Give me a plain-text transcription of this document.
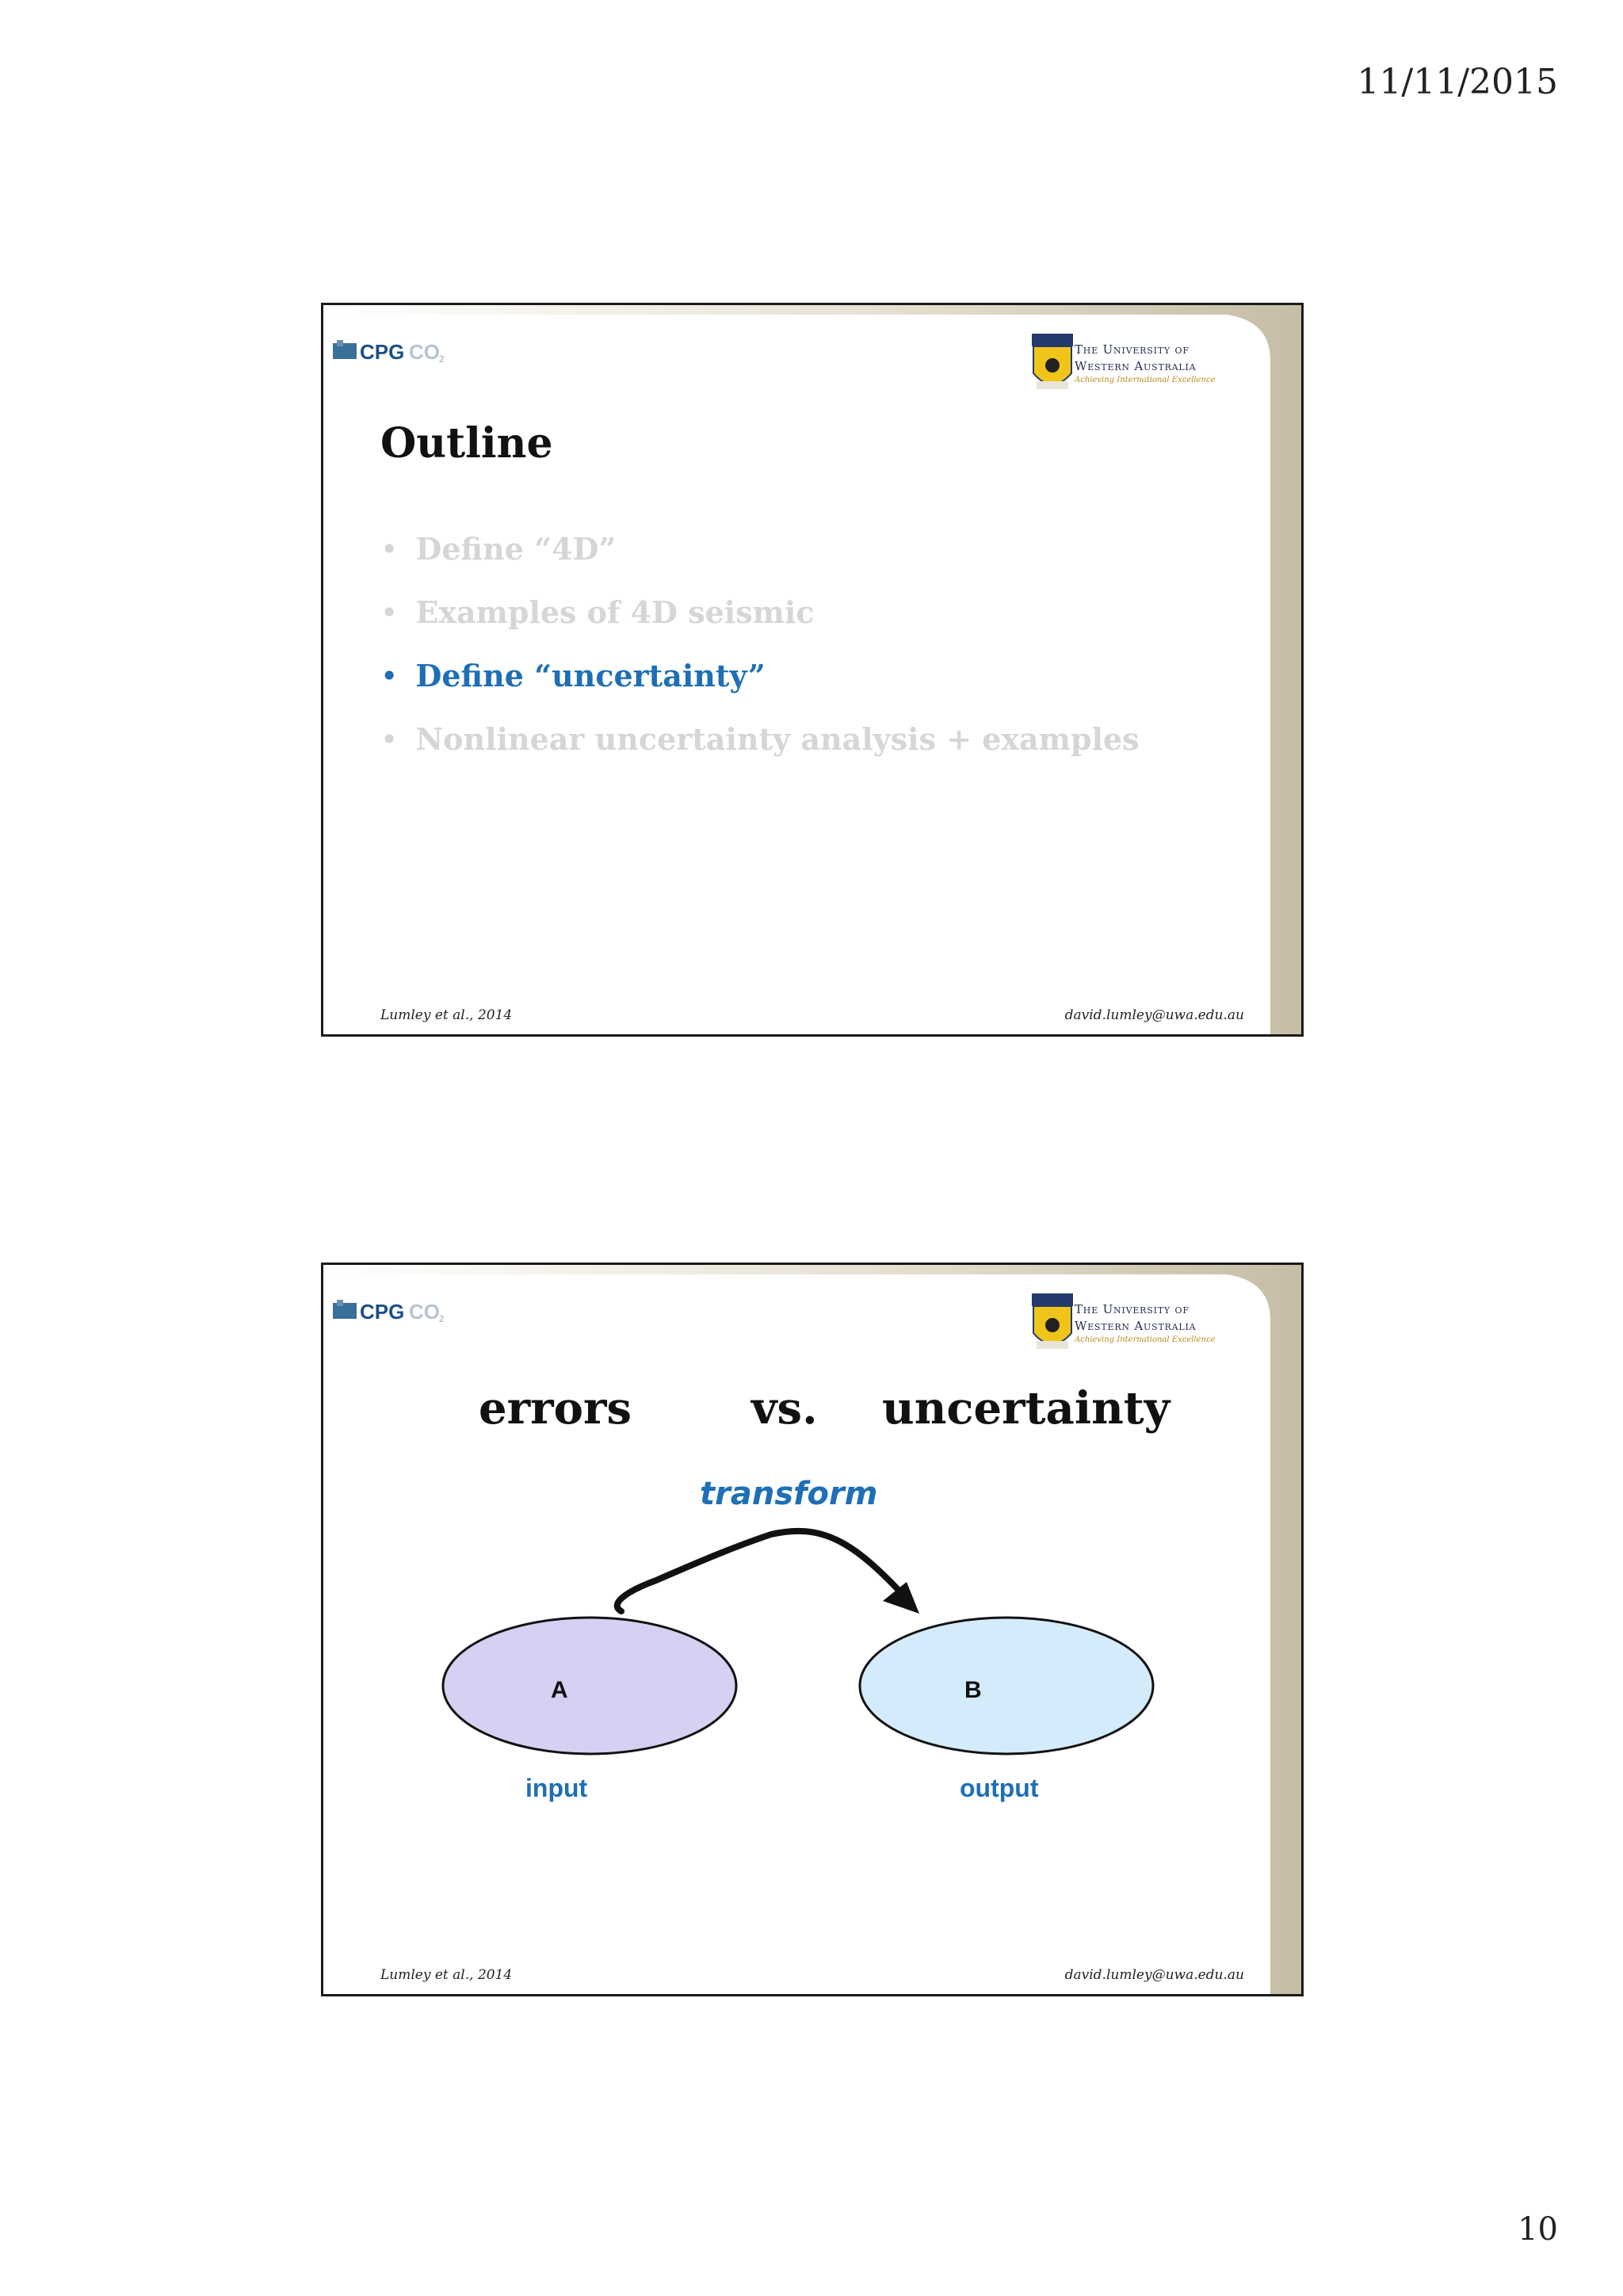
11/11/2015
CPG CO 2
The University of
Western Australia
Achieving International Excellence
Outline
• Define “4D”
• Examples of 4D seismic
• Define “uncertainty”
• Nonlinear uncertainty analysis + examples
Lumley et al., 2014	david.lumley@uwa.edu.au
CPG CO 2
The University of
Western Australia
Achieving International Excellence
errors	vs. uncertainty
transform
A	B
input	output
Lumley et al., 2014	david.lumley@uwa.edu.au
10
